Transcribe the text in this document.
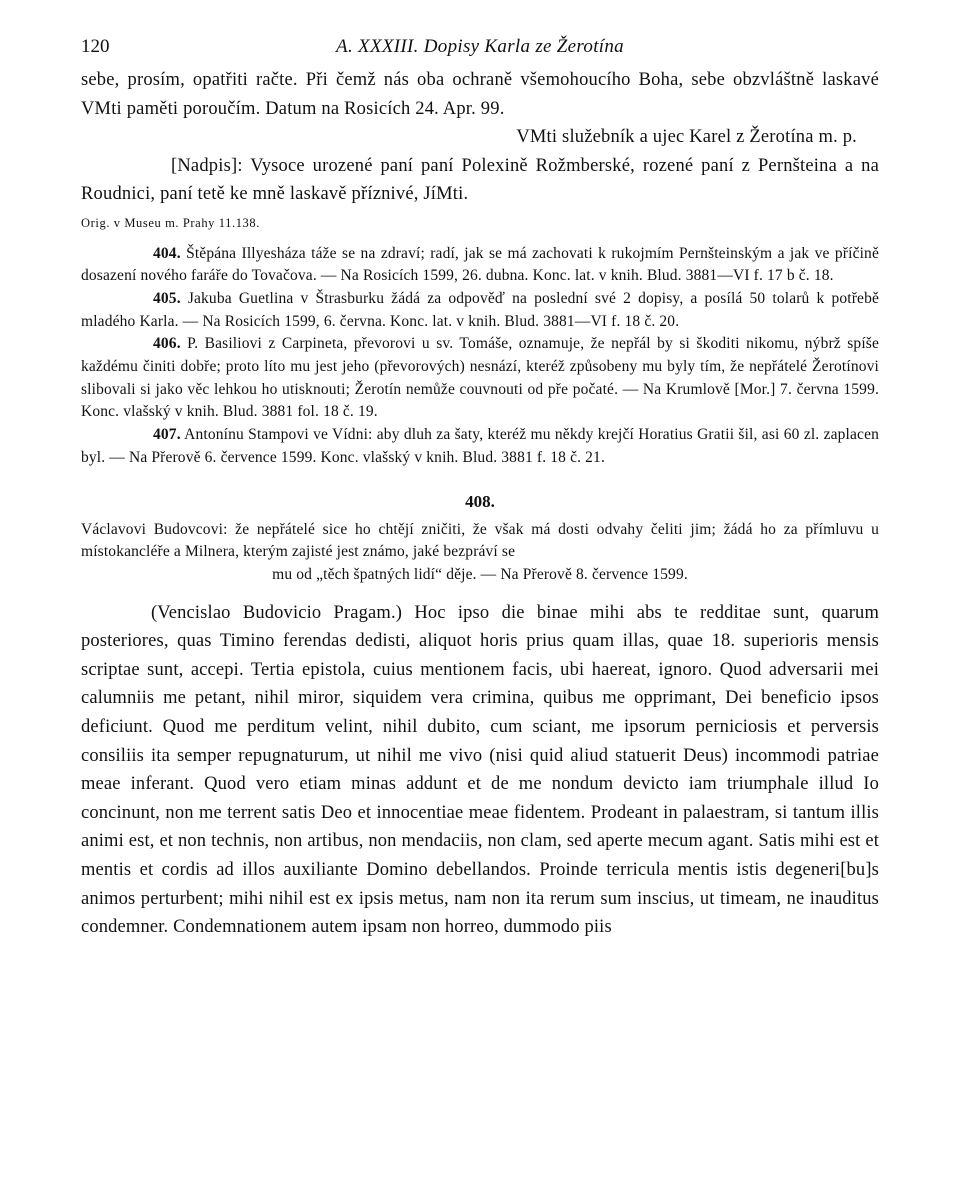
120	A. XXXIII. Dopisy Karla ze Žerotína

sebe, prosím, opatřiti račte. Při čemž nás oba ochraně všemohoucího Boha, sebe obzvláštně laskavé VMti paměti poroučím. Datum na Rosicích 24. Apr. 99.

VMti služebník a ujec Karel z Žerotína m. p.

[Nadpis]: Vysoce urozené paní paní Polexině Rožmberské, rozené paní z Pernšteina a na Roudnici, paní tetě ke mně laskavě příznivé, JíMti.

Orig. v Museu m. Prahy 11.138.

404. Štěpána Illyesháza táže se na zdraví; radí, jak se má zachovati k rukojmím Pernšteinským a jak ve příčině dosazení nového faráře do Tovačova. — Na Rosicích 1599, 26. dubna. Konc. lat. v knih. Blud. 3881—VI f. 17 b č. 18.

405. Jakuba Guetlina v Štrasburku žádá za odpověď na poslední své 2 dopisy, a posílá 50 tolarů k potřebě mladého Karla. — Na Rosicích 1599, 6. června. Konc. lat. v knih. Blud. 3881—VI f. 18 č. 20.

406. P. Basiliovi z Carpineta, převorovi u sv. Tomáše, oznamuje, že nepřál by si škoditi nikomu, nýbrž spíše každému činiti dobře; proto líto mu jest jeho (převorových) nesnází, kteréž způsobeny mu byly tím, že nepřátelé Žerotínovi slibovali si jako věc lehkou ho utisknouti; Žerotín nemůže couvnouti od pře počaté. — Na Krumlově [Mor.] 7. června 1599. Konc. vlašský v knih. Blud. 3881 fol. 18 č. 19.

407. Antonínu Stampovi ve Vídni: aby dluh za šaty, kteréž mu někdy krejčí Horatius Gratii šil, asi 60 zl. zaplacen byl. — Na Přerově 6. července 1599. Konc. vlašský v knih. Blud. 3881 f. 18 č. 21.

408.

Václavovi Budovcovi: že nepřátelé sice ho chtějí zničiti, že však má dosti odvahy čeliti jim; žádá ho za přímluvu u místokancléře a Milnera, kterým zajisté jest známo, jaké bezpráví se
mu od „těch špatných lidí“ děje. — Na Přerově 8. července 1599.

(Vencislao Budovicio Pragam.) Hoc ipso die binae mihi abs te redditae sunt, quarum posteriores, quas Timino ferendas dedisti, aliquot horis prius quam illas, quae 18. superioris mensis scriptae sunt, accepi. Tertia epistola, cuius mentionem facis, ubi haereat, ignoro. Quod adversarii mei calumniis me petant, nihil miror, siquidem vera crimina, quibus me opprimant, Dei beneficio ipsos deficiunt. Quod me perditum velint, nihil dubito, cum sciant, me ipsorum perniciosis et perversis consiliis ita semper repugnaturum, ut nihil me vivo (nisi quid aliud statuerit Deus) incommodi patriae meae inferant. Quod vero etiam minas addunt et de me nondum devicto iam triumphale illud Io concinunt, non me terrent satis Deo et innocentiae meae fidentem. Prodeant in palaestram, si tantum illis animi est, et non technis, non artibus, non mendaciis, non clam, sed aperte mecum agant. Satis mihi est et mentis et cordis ad illos auxiliante Domino debellandos. Proinde terricula mentis istis degeneri[bu]s animos perturbent; mihi nihil est ex ipsis metus, nam non ita rerum sum inscius, ut timeam, ne inauditus condemner. Condemnationem autem ipsam non horreo, dummodo piis
